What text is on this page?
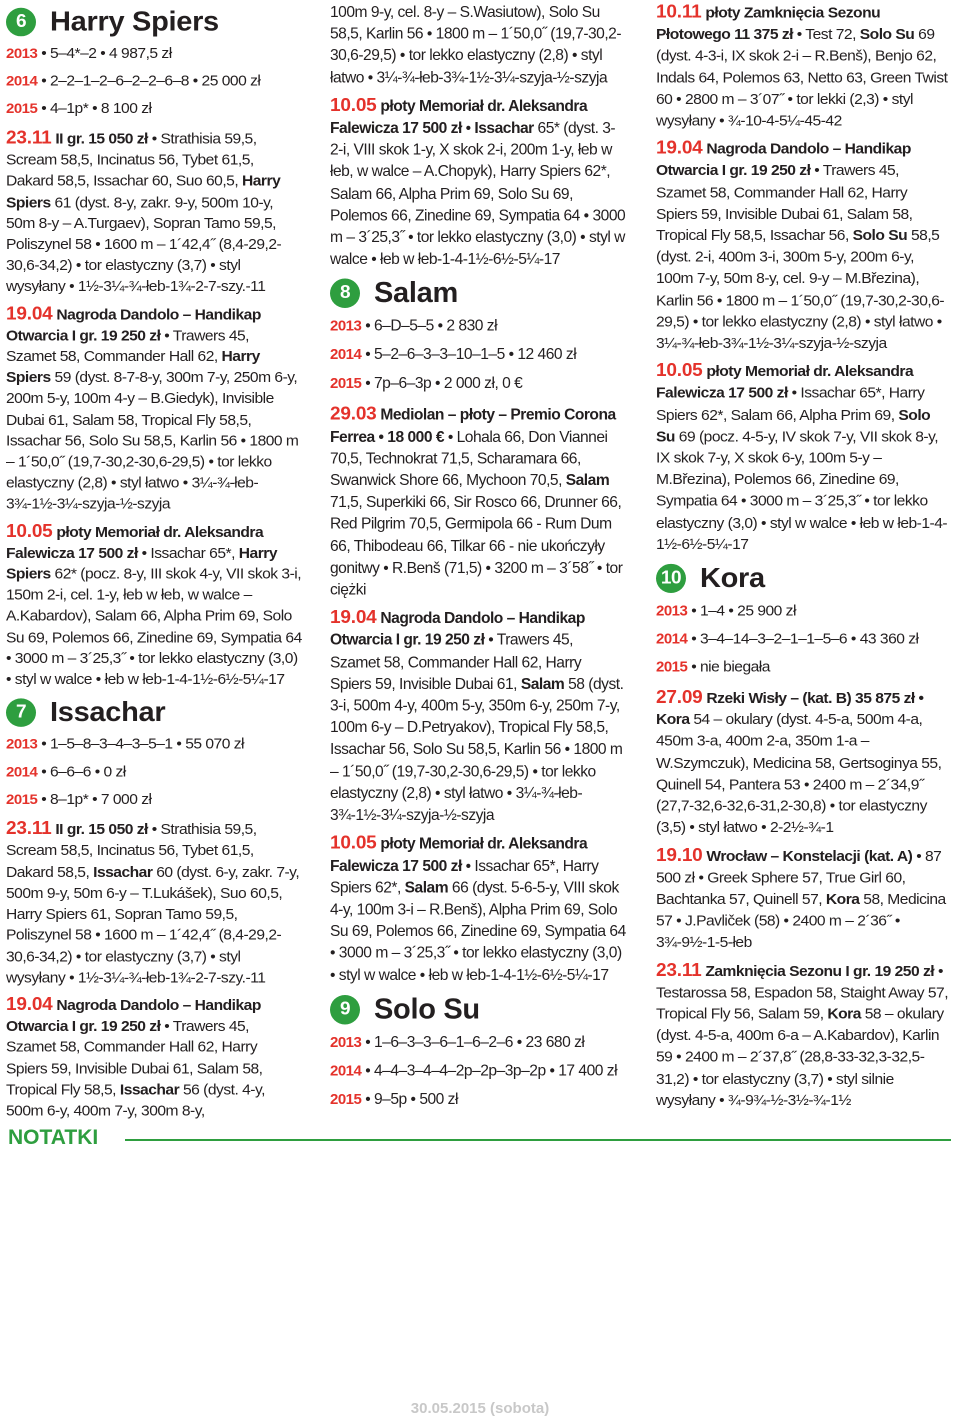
6 Harry Spiers
2013 • 5–4*–2 • 4 987,5 zł
2014 • 2–2–1–2–6–2–2–6–8 • 25 000 zł
2015 • 4–1p* • 8 100 zł
23.11 II gr. 15 050 zł • Strathisia 59,5, Scream 58,5, Incinatus 56, Tybet 61,5, Dakard 58,5, Issachar 60, Suo 60,5, Harry Spiers 61 (dyst. 8-y, zakr. 9-y, 500m 10-y, 50m 8-y – A.Turgaev), Sopran Tamo 59,5, Poliszynel 58 • 1600 m – 1´42,4˝ (8,4-29,2-30,6-34,2) • tor elastyczny (3,7) • styl wysyłany • 1½-3¼-¾-łeb-1¾-2-7-szy.-11
19.04 Nagroda Dandolo – Handikap Otwarcia I gr. 19 250 zł • Trawers 45, Szamet 58, Commander Hall 62, Harry Spiers 59 (dyst. 8-7-8-y, 300m 7-y, 250m 6-y, 200m 5-y, 100m 4-y – B.Giedyk), Invisible Dubai 61, Salam 58, Tropical Fly 58,5, Issachar 56, Solo Su 58,5, Karlin 56 • 1800 m – 1´50,0˝ (19,7-30,2-30,6-29,5) • tor lekko elastyczny (2,8) • styl łatwo • 3¼-¾-łeb-3¾-1½-3¼-szyja-½-szyja
10.05 płoty Memoriał dr. Aleksandra Falewicza 17 500 zł • Issachar 65*, Harry Spiers 62* (pocz. 8-y, III skok 4-y, VII skok 3-i, 150m 2-i, cel. 1-y, łeb w łeb, w walce – A.Kabardov), Salam 66, Alpha Prim 69, Solo Su 69, Polemos 66, Zinedine 69, Sympatia 64 • 3000 m – 3´25,3˝ • tor lekko elastyczny (3,0) • styl w walce • łeb w łeb-1-4-1½-6½-5¼-17
7 Issachar
2013 • 1–5–8–3–4–3–5–1 • 55 070 zł
2014 • 6–6–6 • 0 zł
2015 • 8–1p* • 7 000 zł
23.11 II gr. 15 050 zł • Strathisia 59,5, Scream 58,5, Incinatus 56, Tybet 61,5, Dakard 58,5, Issachar 60 (dyst. 6-y, zakr. 7-y, 500m 9-y, 50m 6-y – T.Lukášek), Suo 60,5, Harry Spiers 61, Sopran Tamo 59,5, Poliszynel 58 • 1600 m – 1´42,4˝ (8,4-29,2-30,6-34,2) • tor elastyczny (3,7) • styl wysyłany • 1½-3¼-¾-łeb-1¾-2-7-szy.-11
19.04 Nagroda Dandolo – Handikap Otwarcia I gr. 19 250 zł • Trawers 45, Szamet 58, Commander Hall 62, Harry Spiers 59, Invisible Dubai 61, Salam 58, Tropical Fly 58,5, Issachar 56 (dyst. 4-y, 500m 6-y, 400m 7-y, 300m 8-y,
100m 9-y, cel. 8-y – S.Wasiutow), Solo Su 58,5, Karlin 56 • 1800 m – 1´50,0˝ (19,7-30,2-30,6-29,5) • tor lekko elastyczny (2,8) • styl łatwo • 3¼-¾-łeb-3¾-1½-3¼-szyja-½-szyja
10.05 płoty Memoriał dr. Aleksandra Falewicza 17 500 zł • Issachar 65* (dyst. 3-2-i, VIII skok 1-y, X skok 2-i, 200m 1-y, łeb w łeb, w walce – A.Chopyk), Harry Spiers 62*, Salam 66, Alpha Prim 69, Solo Su 69, Polemos 66, Zinedine 69, Sympatia 64 • 3000 m – 3´25,3˝ • tor lekko elastyczny (3,0) • styl w walce • łeb w łeb-1-4-1½-6½-5¼-17
8 Salam
2013 • 6–D–5–5 • 2 830 zł
2014 • 5–2–6–3–3–10–1–5 • 12 460 zł
2015 • 7p–6–3p • 2 000 zł, 0 €
29.03 Mediolan – płoty – Premio Corona Ferrea • 18 000 € • Lohala 66, Don Viannei 70,5, Technokrat 71,5, Scharamara 66, Swanwick Shore 66, Mychoon 70,5, Salam 71,5, Superkiki 66, Sir Rosco 66, Drunner 66, Red Pilgrim 70,5, Germipola 66 - Rum Dum 66, Thibodeau 66, Tilkar 66 - nie ukończyły gonitwy • R.Benš (71,5) • 3200 m – 3´58˝ • tor ciężki
19.04 Nagroda Dandolo – Handikap Otwarcia I gr. 19 250 zł • Trawers 45, Szamet 58, Commander Hall 62, Harry Spiers 59, Invisible Dubai 61, Salam 58 (dyst. 3-i, 500m 4-y, 400m 5-y, 350m 6-y, 250m 7-y, 100m 6-y – D.Petryakov), Tropical Fly 58,5, Issachar 56, Solo Su 58,5, Karlin 56 • 1800 m – 1´50,0˝ (19,7-30,2-30,6-29,5) • tor lekko elastyczny (2,8) • styl łatwo • 3¼-¾-łeb-3¾-1½-3¼-szyja-½-szyja
10.05 płoty Memoriał dr. Aleksandra Falewicza 17 500 zł • Issachar 65*, Harry Spiers 62*, Salam 66 (dyst. 5-6-5-y, VIII skok 4-y, 100m 3-i – R.Benš), Alpha Prim 69, Solo Su 69, Polemos 66, Zinedine 69, Sympatia 64 • 3000 m – 3´25,3˝ • tor lekko elastyczny (3,0) • styl w walce • łeb w łeb-1-4-1½-6½-5¼-17
9 Solo Su
2013 • 1–6–3–3–6–1–6–2–6 • 23 680 zł
2014 • 4–4–3–4–4–2p–2p–3p–2p • 17 400 zł
2015 • 9–5p • 500 zł
10.11 płoty Zamknięcia Sezonu Płotowego 11 375 zł • Test 72, Solo Su 69 (dyst. 4-3-i, IX skok 2-i – R.Benš), Benjo 62, Indals 64, Polemos 63, Netto 63, Green Twist 60 • 2800 m – 3´07˝ • tor lekki (2,3) • styl wysyłany • ¾-10-4-5¼-45-42
19.04 Nagroda Dandolo – Handikap Otwarcia I gr. 19 250 zł • Trawers 45, Szamet 58, Commander Hall 62, Harry Spiers 59, Invisible Dubai 61, Salam 58, Tropical Fly 58,5, Issachar 56, Solo Su 58,5 (dyst. 2-i, 400m 3-i, 300m 5-y, 200m 6-y, 100m 7-y, 50m 8-y, cel. 9-y – M.Březina), Karlin 56 • 1800 m – 1´50,0˝ (19,7-30,2-30,6-29,5) • tor lekko elastyczny (2,8) • styl łatwo • 3¼-¾-łeb-3¾-1½-3¼-szyja-½-szyja
10.05 płoty Memoriał dr. Aleksandra Falewicza 17 500 zł • Issachar 65*, Harry Spiers 62*, Salam 66, Alpha Prim 69, Solo Su 69 (pocz. 4-5-y, IV skok 7-y, VII skok 8-y, IX skok 7-y, X skok 6-y, 100m 5-y – M.Březina), Polemos 66, Zinedine 69, Sympatia 64 • 3000 m – 3´25,3˝ • tor lekko elastyczny (3,0) • styl w walce • łeb w łeb-1-4-1½-6½-5¼-17
10 Kora
2013 • 1–4 • 25 900 zł
2014 • 3–4–14–3–2–1–1–5–6 • 43 360 zł
2015 • nie biegała
27.09 Rzeki Wisły – (kat. B) 35 875 zł • Kora 54 – okulary (dyst. 4-5-a, 500m 4-a, 450m 3-a, 400m 2-a, 350m 1-a – W.Szymczuk), Medicina 58, Gertsoginya 55, Quinell 54, Pantera 53 • 2400 m – 2´34,9˝ (27,7-32,6-32,6-31,2-30,8) • tor elastyczny (3,5) • styl łatwo • 2-2½-¾-1
19.10 Wrocław – Konstelacji (kat. A) • 87 500 zł • Greek Sphere 57, True Girl 60, Bachtanka 57, Quinell 57, Kora 58, Medicina 57 • J.Pavliček (58) • 2400 m – 2´36˝ • 3¾-9½-1-5-łeb
23.11 Zamknięcia Sezonu I gr. 19 250 zł • Testarossa 58, Espadon 58, Staight Away 57, Tropical Fly 56, Salam 59, Kora 58 – okulary (dyst. 4-5-a, 400m 6-a – A.Kabardov), Karlin 59 • 2400 m – 2´37,8˝ (28,8-33-32,3-32,5-31,2) • tor elastyczny (3,7) • styl silnie wysyłany • ¾-9¾-½-3½-¾-1½
NOTATKI
30.05.2015 (sobota)
